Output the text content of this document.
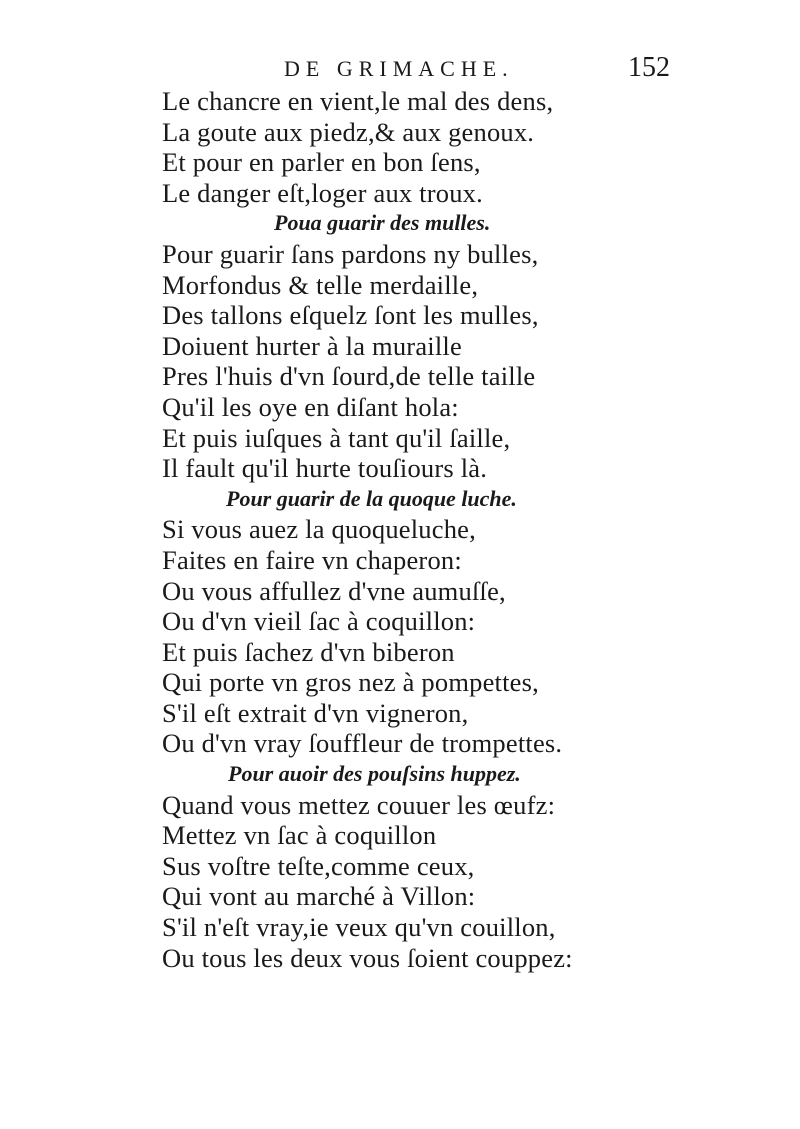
DE GRIMACHE.	152
Le chancre en vient,le mal des dens,
La goute aux piedz,& aux genoux.
Et pour en parler en bon ſens,
Le danger eſt,loger aux troux.
Poua guarir des mulles.
Pour guarir ſans pardons ny bulles,
Morfondus & telle merdaille,
Des tallons eſquelz ſont les mulles,
Doiuent hurter à la muraille
Pres l'huis d'vn ſourd,de telle taille
Qu'il les oye en diſant hola:
Et puis iuſques à tant qu'il ſaille,
Il fault qu'il hurte touſiours là.
Pour guarir de la quoque luche.
Si vous auez la quoqueluche,
Faites en faire vn chaperon:
Ou vous affullez d'vne aumuſſe,
Ou d'vn vieil ſac à coquillon:
Et puis ſachez d'vn biberon
Qui porte vn gros nez à pompettes,
S'il eſt extrait d'vn vigneron,
Ou d'vn vray ſouffleur de trompettes.
Pour auoir des pouſsins huppez.
Quand vous mettez couuer les œufz:
Mettez vn ſac à coquillon
Sus voſtre teſte,comme ceux,
Qui vont au marché à Villon:
S'il n'eſt vray,ie veux qu'vn couillon,
Ou tous les deux vous ſoient couppez:
